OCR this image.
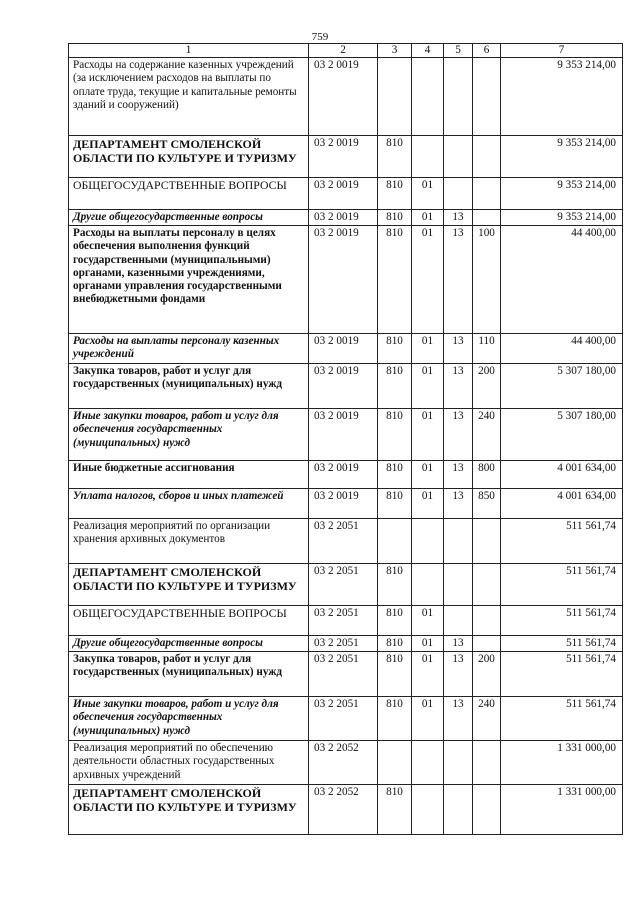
759
1	2	3	4	5	6	7
Расходы на содержание казенных учреждений (за исключением расходов на выплаты по оплате труда, текущие и капитальные ремонты зданий и сооружений)	03 2 0019					9 353 214,00
ДЕПАРТАМЕНТ СМОЛЕНСКОЙ ОБЛАСТИ ПО КУЛЬТУРЕ И ТУРИЗМУ	03 2 0019	810				9 353 214,00
ОБЩЕГОСУДАРСТВЕННЫЕ ВОПРОСЫ	03 2 0019	810	01			9 353 214,00
Другие общегосударственные вопросы	03 2 0019	810	01	13		9 353 214,00
Расходы на выплаты персоналу в целях обеспечения выполнения функций государственными (муниципальными) органами, казенными учреждениями, органами управления государственными внебюджетными фондами	03 2 0019	810	01	13	100	44 400,00
Расходы на выплаты персоналу казенных учреждений	03 2 0019	810	01	13	110	44 400,00
Закупка товаров, работ и услуг для государственных (муниципальных) нужд	03 2 0019	810	01	13	200	5 307 180,00
Иные закупки товаров, работ и услуг для обеспечения государственных (муниципальных) нужд	03 2 0019	810	01	13	240	5 307 180,00
Иные бюджетные ассигнования	03 2 0019	810	01	13	800	4 001 634,00
Уплата налогов, сборов и иных платежей	03 2 0019	810	01	13	850	4 001 634,00
Реализация мероприятий по организации хранения архивных документов	03 2 2051					511 561,74
ДЕПАРТАМЕНТ СМОЛЕНСКОЙ ОБЛАСТИ ПО КУЛЬТУРЕ И ТУРИЗМУ	03 2 2051	810				511 561,74
ОБЩЕГОСУДАРСТВЕННЫЕ ВОПРОСЫ	03 2 2051	810	01			511 561,74
Другие общегосударственные вопросы	03 2 2051	810	01	13		511 561,74
Закупка товаров, работ и услуг для государственных (муниципальных) нужд	03 2 2051	810	01	13	200	511 561,74
Иные закупки товаров, работ и услуг для обеспечения государственных (муниципальных) нужд	03 2 2051	810	01	13	240	511 561,74
Реализация мероприятий по обеспечению деятельности областных государственных архивных учреждений	03 2 2052					1 331 000,00
ДЕПАРТАМЕНТ СМОЛЕНСКОЙ ОБЛАСТИ ПО КУЛЬТУРЕ И ТУРИЗМУ	03 2 2052	810				1 331 000,00
